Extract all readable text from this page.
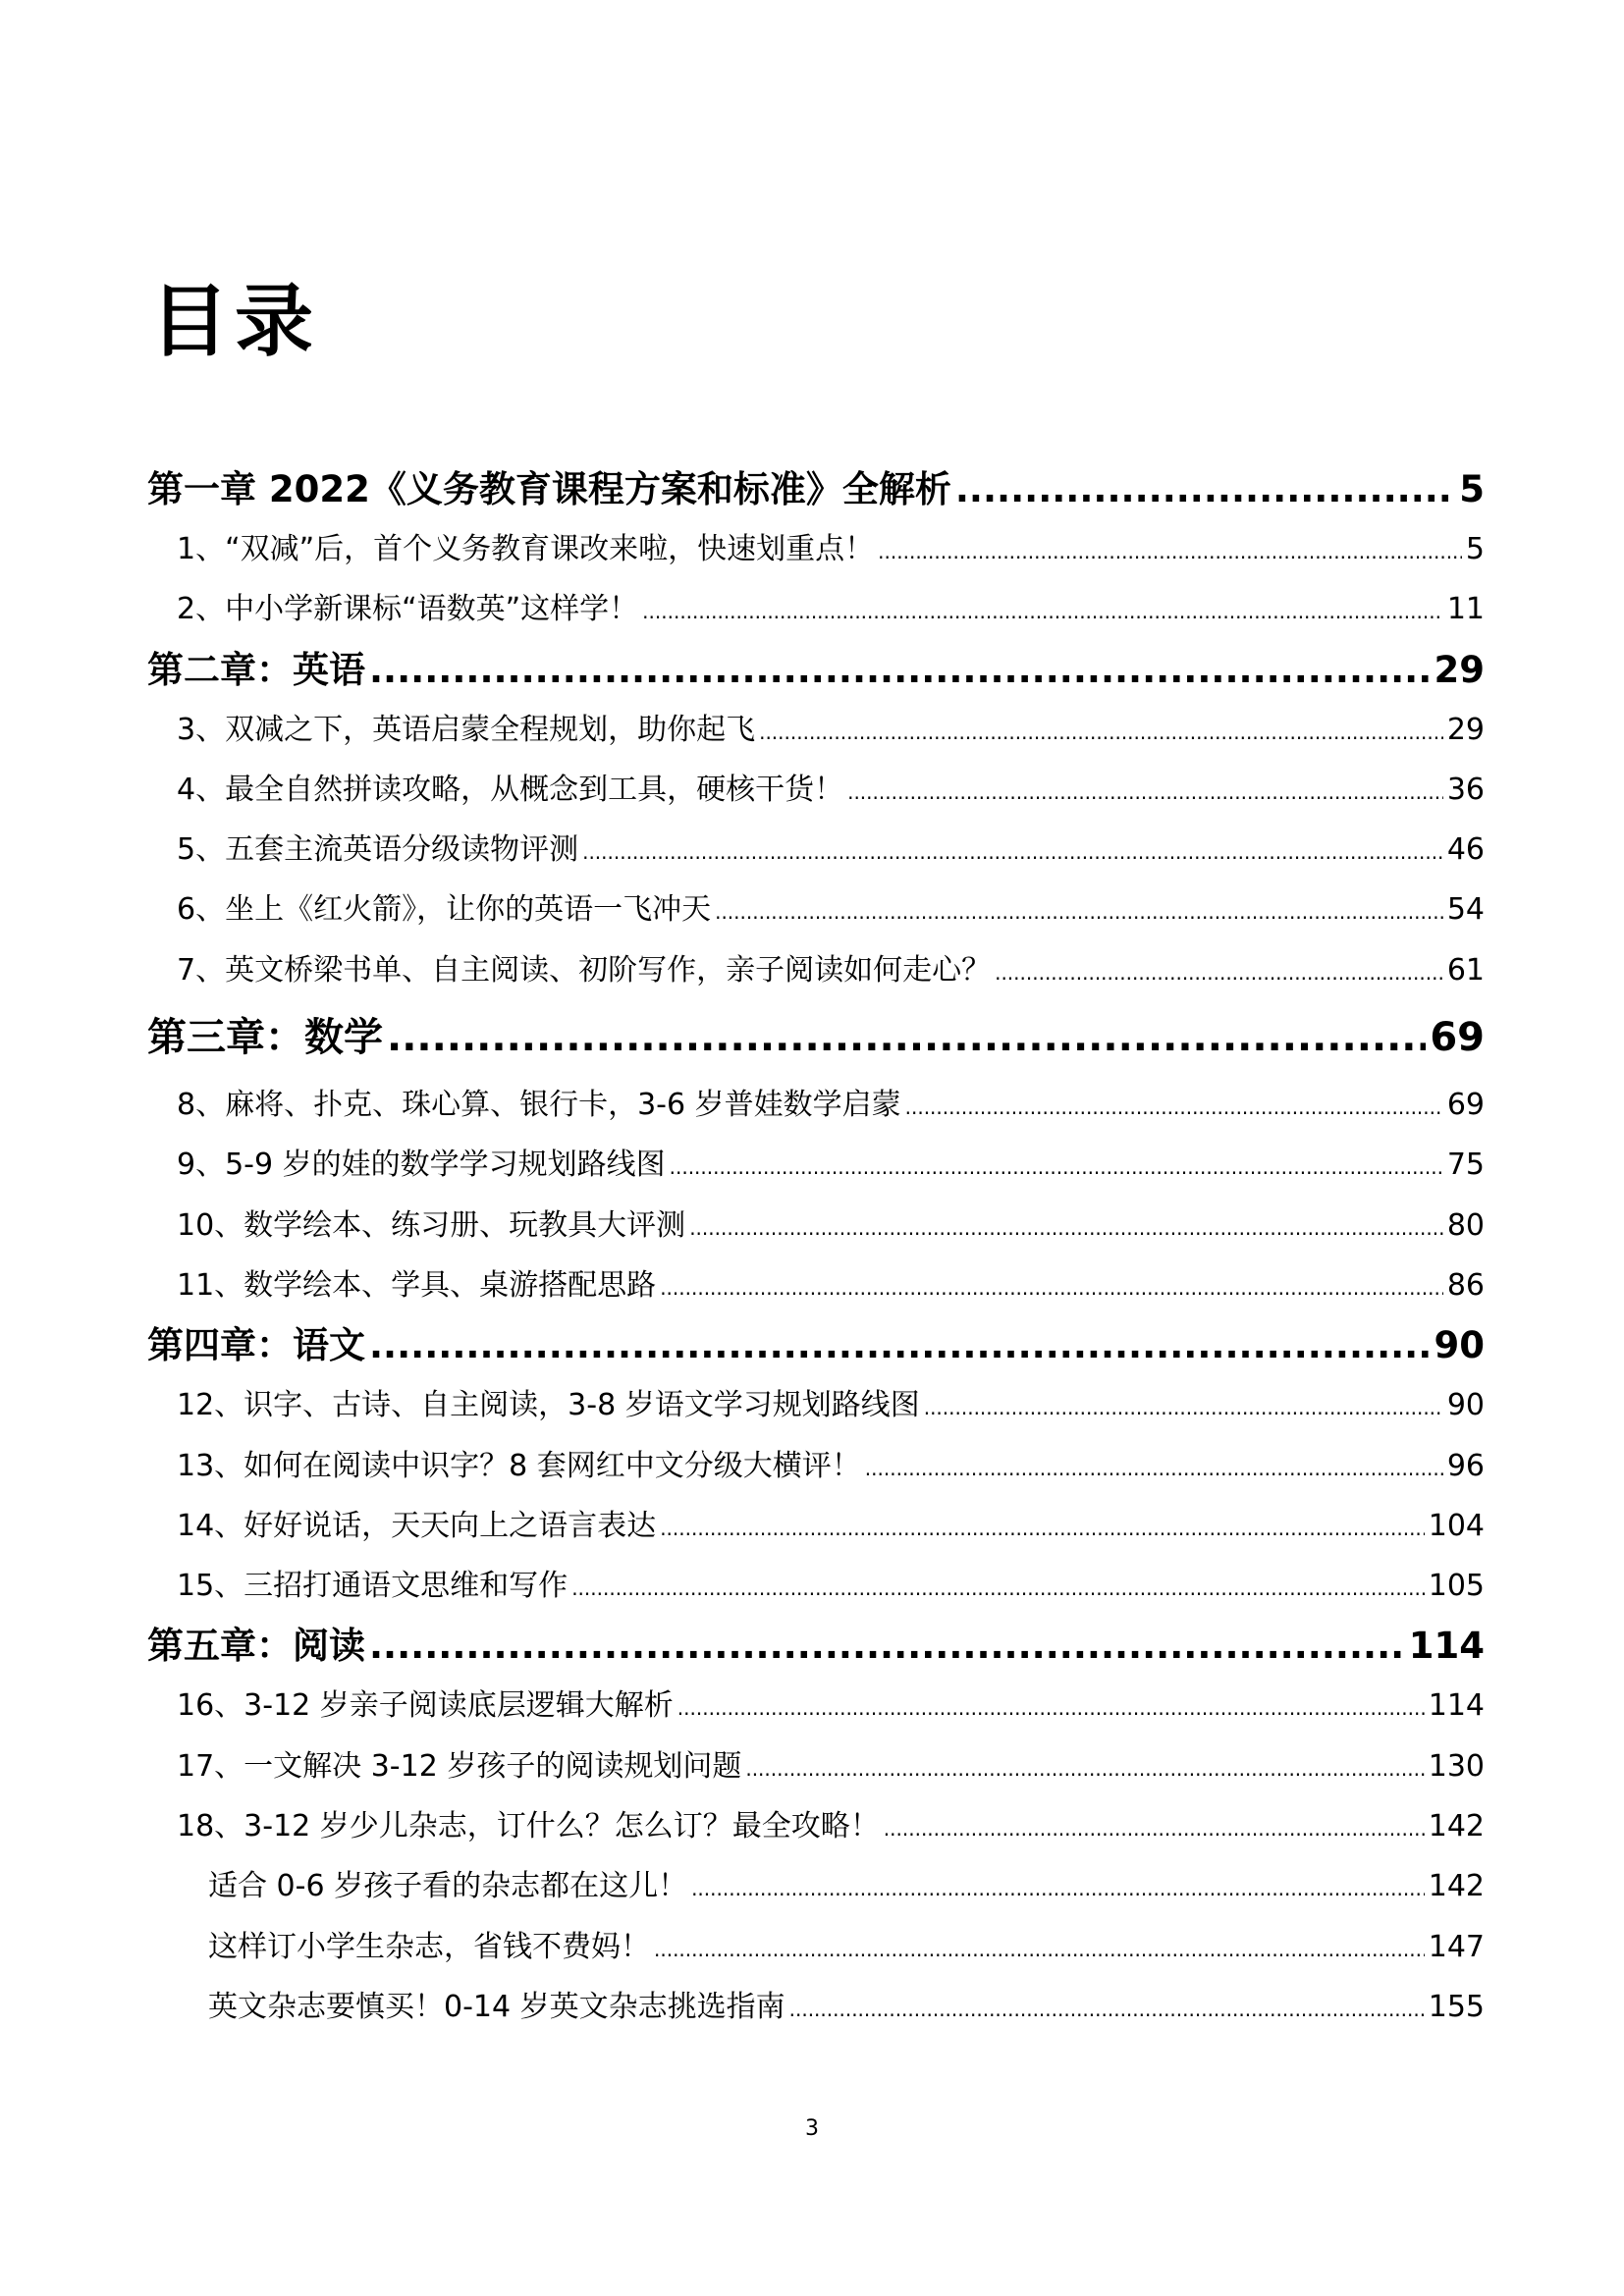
目录
第一章 2022《义务教育课程方案和标准》全解析 .....	5
1、“双减”后，首个义务教育课改来啦，快速划重点！ .....	5
2、中小学新课标“语数英”这样学！ .....	11
第二章：英语 .....	29
3、双减之下，英语启蒙全程规划，助你起飞 .....	29
4、最全自然拼读攻略，从概念到工具，硬核干货！ .....	36
5、五套主流英语分级读物评测 .....	46
6、坐上《红火箭》，让你的英语一飞冲天 .....	54
7、英文桥梁书单、自主阅读、初阶写作，亲子阅读如何走心？ .....	61
第三章：数学 .....	69
8、麻将、扑克、珠心算、银行卡，3-6 岁普娃数学启蒙 .....	69
9、5-9 岁的娃的数学学习规划路线图 .....	75
10、数学绘本、练习册、玩教具大评测 .....	80
11、数学绘本、学具、桌游搭配思路 .....	86
第四章：语文 .....	90
12、识字、古诗、自主阅读，3-8 岁语文学习规划路线图 .....	90
13、如何在阅读中识字？8 套网红中文分级大横评！ .....	96
14、好好说话，天天向上之语言表达 .....	104
15、三招打通语文思维和写作 .....	105
第五章：阅读 .....	114
16、3-12 岁亲子阅读底层逻辑大解析 .....	114
17、一文解决 3-12 岁孩子的阅读规划问题 .....	130
18、3-12 岁少儿杂志，订什么？怎么订？最全攻略！ .....	142
适合 0-6 岁孩子看的杂志都在这儿！ .....	142
这样订小学生杂志，省钱不费妈！ .....	147
英文杂志要慎买！0-14 岁英文杂志挑选指南 .....	155
3
